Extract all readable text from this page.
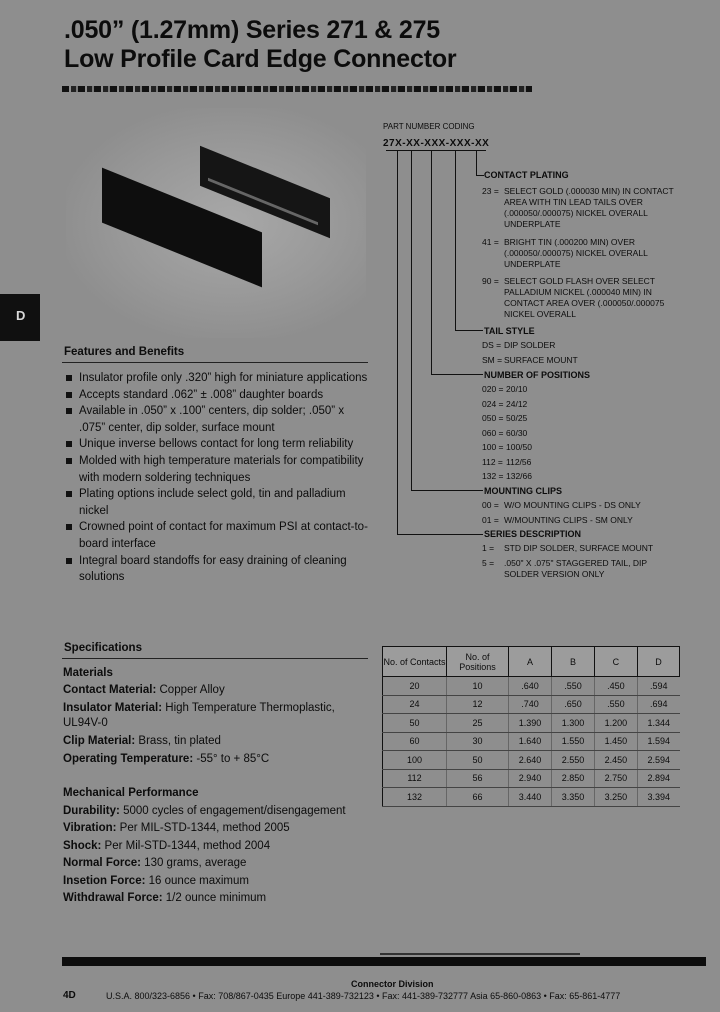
.050” (1.27mm) Series 271 & 275
Low Profile Card Edge Connector
D
PART NUMBER CODING
27X-XX-XXX-XXX-XX
CONTACT PLATING
23 = SELECT GOLD (.000030 MIN) IN CONTACT
AREA WITH TIN LEAD TAILS OVER
(.000050/.000075) NICKEL OVERALL
UNDERPLATE
41 = BRIGHT TIN (.000200 MIN) OVER
(.000050/.000075) NICKEL OVERALL
UNDERPLATE
90 = SELECT GOLD FLASH OVER SELECT
PALLADIUM NICKEL (.000040 MIN) IN
CONTACT AREA OVER (.000050/.000075
NICKEL OVERALL
TAIL STYLE
DS = DIP SOLDER
SM = SURFACE MOUNT
NUMBER OF POSITIONS
020 = 20/10
024 = 24/12
050 = 50/25
060 = 60/30
100 = 100/50
112 = 112/56
132 = 132/66
MOUNTING CLIPS
00 = W/O MOUNTING CLIPS - DS ONLY
01 = W/MOUNTING CLIPS - SM ONLY
SERIES DESCRIPTION
1 =	STD DIP SOLDER, SURFACE MOUNT
5 =	.050" X .075" STAGGERED TAIL, DIP
SOLDER VERSION ONLY
Features and Benefits
Insulator profile only .320” high for miniature applications
Accepts standard .062” ± .008” daughter boards
Available in .050” x .100” centers, dip solder; .050” x .075” center, dip solder, surface mount
Unique inverse bellows contact for long term reliability
Molded with high temperature materials for compatibility with modern soldering techniques
Plating options include select gold, tin and palladium nickel
Crowned point of contact for maximum PSI at contact-to-board interface
Integral board standoffs for easy draining of cleaning solutions
Specifications
Materials
Contact Material: Copper Alloy
Insulator Material: High Temperature Thermoplastic,
UL94V-0
Clip Material: Brass, tin plated
Operating Temperature: -55° to + 85°C
Mechanical Performance
Durability: 5000 cycles of engagement/disengagement
Vibration: Per MIL-STD-1344, method 2005
Shock: Per Mil-STD-1344, method 2004
Normal Force: 130 grams, average
Insetion Force: 16 ounce maximum
Withdrawal Force: 1/2 ounce minimum
No. of Contacts	No. of Positions	A	B	C	D
20	10	.640	.550	.450	.594
24	12	.740	.650	.550	.694
50	25	1.390	1.300	1.200	1.344
60	30	1.640	1.550	1.450	1.594
100	50	2.640	2.550	2.450	2.594
112	56	2.940	2.850	2.750	2.894
132	66	3.440	3.350	3.250	3.394
Connector Division
4D	U.S.A. 800/323-6856 • Fax: 708/867-0435 Europe 441-389-732123 • Fax: 441-389-732777 Asia 65-860-0863 • Fax: 65-861-4777
